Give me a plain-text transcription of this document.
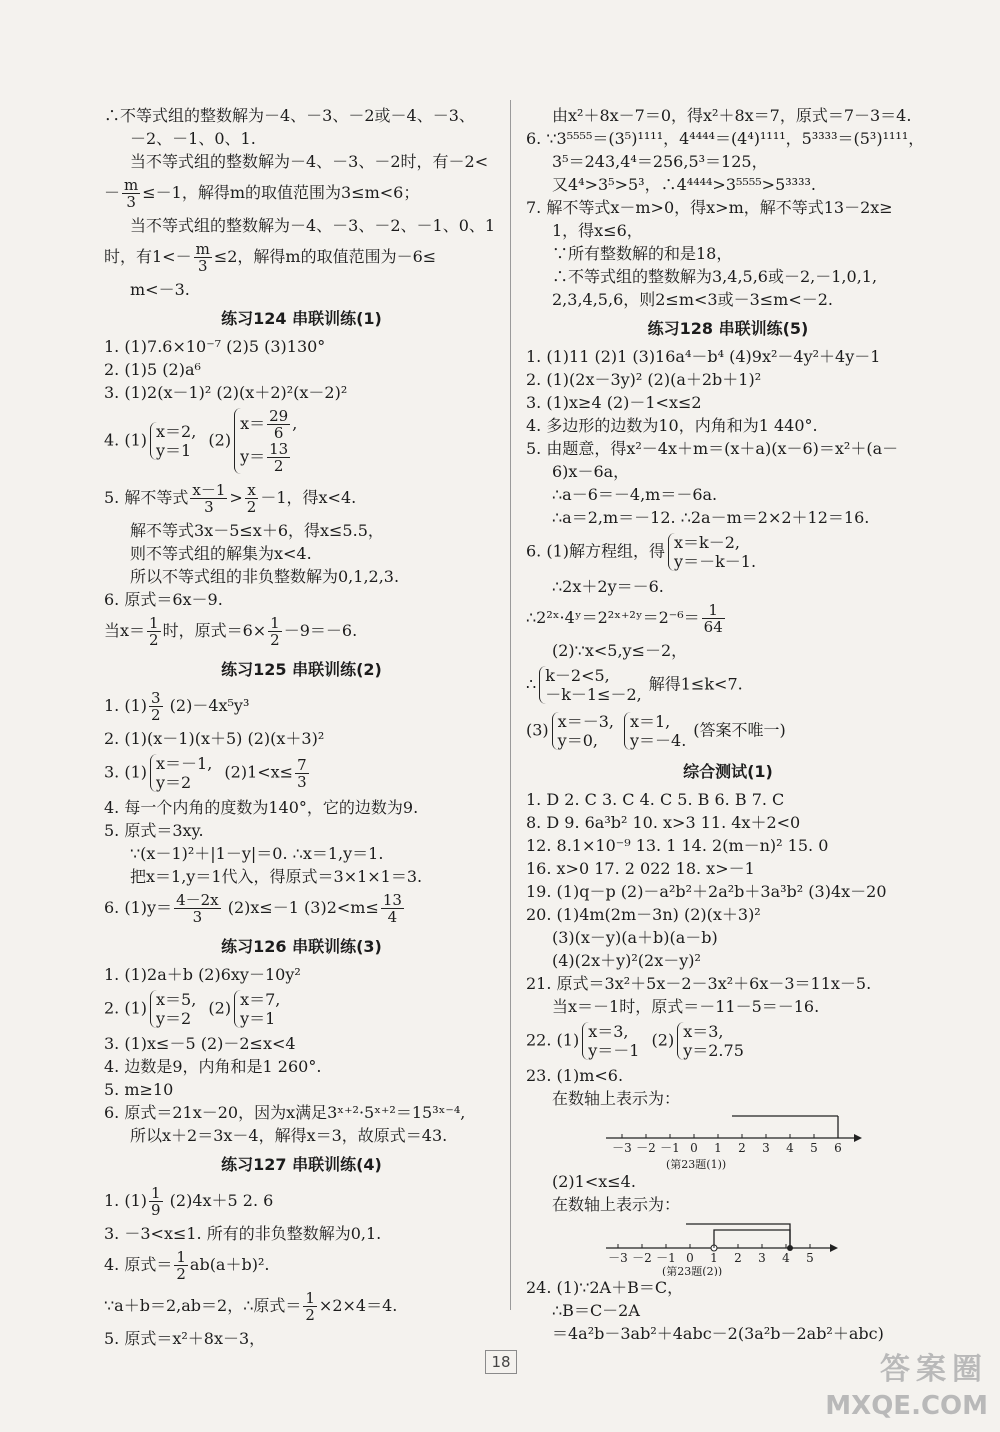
∴不等式组的整数解为－4、－3、－2或－4、－3、

－2、－1、0、1.

当不等式组的整数解为－4、－3、－2时，有－2<

－ $\frac{m}{3} \le-1$，解得m的取值范围为3≤m<6；

当不等式组的整数解为－4、－3、－2、－1、0、1

时，有$1<- \frac{m}{3} \le 2$，解得m的取值范围为－6≤

m<－3.

练习124 串联训练(1)

1. (1)7.6×10⁻⁷ (2)5 (3)130°

2. (1)5 (2)a⁶

3. (1)2(x－1)² (2)(x＋2)²(x－2)²

4. (1) x＝2,
y＝1
(2)
$x= \frac{29}{6}$ ,
$y= \frac{13}{2}$

5. 解不等式 $\frac{x-1}{3} > \frac{x}{2} -1$，得x<4.

解不等式3x－5≤x＋6，得x≤5.5，

则不等式组的解集为x<4.

所以不等式组的非负整数解为0,1,2,3.

6. 原式＝6x－9.

当$x= \frac{1}{2}$ 时，原式$=6\times \frac{1}{2} -9=-6$.

练习125 串联训练(2)

1. $(1) \frac{3}{2} (2)-4x^5y^3$

2. (1)(x－1)(x＋5) (2)(x＋3)²

3. (1) x＝－1,
y＝2
$(2)1<x\le \frac{7}{3}$

4. 每一个内角的度数为140°，它的边数为9.

5. 原式＝3xy.

∵(x－1)²＋|1－y|＝0. ∴x＝1,y＝1.

把x＝1,y＝1代入，得原式＝3×1×1＝3.

6. $(1)y= \frac{4-2x}{3} (2)x\le-1$ $(3)2<m\le \frac{13}{4}$

练习126 串联训练(3)

1. (1)2a＋b (2)6xy－10y²

2. (1) x＝5,
y＝2
(2) x＝7,
y＝1

3. (1)x≤－5 (2)－2≤x<4

4. 边数是9，内角和是1 260°.

5. m≥10

6. 原式＝21x－20，因为x满足3ˣ⁺²·5ˣ⁺²＝15³ˣ⁻⁴,

所以x＋2＝3x－4，解得x＝3，故原式＝43.

练习127 串联训练(4)

1. $(1) \frac{1}{9} (2)4x+5$ 2. 6

3. －3<x≤1. 所有的非负整数解为0,1.

4. 原式＝ $\frac{1}{2} ab(a+b)^2$.

∵a＋b＝2,ab＝2，∴原式＝ $\frac{1}{2} \times 2\times 4=4$.

5. 原式＝x²＋8x－3，

由x²＋8x－7＝0，得x²＋8x＝7，原式＝7－3＝4.

6. ∵3⁵⁵⁵⁵＝(3⁵)¹¹¹¹，4⁴⁴⁴⁴＝(4⁴)¹¹¹¹，5³³³³＝(5³)¹¹¹¹，

3⁵＝243,4⁴＝256,5³＝125，

又4⁴>3⁵>5³，∴4⁴⁴⁴⁴>3⁵⁵⁵⁵>5³³³³.

7. 解不等式x－m>0，得x>m，解不等式13－2x≥

1，得x≤6，

∵所有整数解的和是18，

∴不等式组的整数解为3,4,5,6或－2,－1,0,1,

2,3,4,5,6，则2≤m<3或－3≤m<－2.

练习128 串联训练(5)

1. (1)11 (2)1 (3)16a⁴－b⁴ (4)9x²－4y²＋4y－1

2. (1)(2x－3y)² (2)(a＋2b＋1)²

3. (1)x≥4 (2)－1<x≤2

4. 多边形的边数为10，内角和为1 440°.

5. 由题意，得x²－4x＋m＝(x＋a)(x－6)＝x²＋(a－

6)x－6a，

∴a－6＝－4,m＝－6a.

∴a＝2,m＝－12. ∴2a－m＝2×2＋12＝16.

6. (1)解方程组，得 x＝k－2,
y＝－k－1.

∴2x＋2y＝－6.

∴2²ˣ·4ʸ＝2²ˣ⁺²ʸ＝2⁻⁶＝ $\frac{1}{64}$

(2)∵x<5,y≤－2，

∴ k－2<5,
－k－1≤－2,
解得1≤k<7.

(3) x＝－3,
y＝0,
x＝1,
y＝－4.
(答案不唯一)

综合测试(1)

1. D 2. C 3. C 4. C 5. B 6. B 7. C

8. D 9. 6a³b² 10. x>3 11. 4x＋2<0

12. 8.1×10⁻⁹ 13. 1 14. 2(m－n)² 15. 0

16. x>0 17. 2 022 18. x>－1

19. (1)q－p (2)－a²b²＋2a²b＋3a³b² (3)4x－20

20. (1)4m(2m－3n) (2)(x＋3)²

(3)(x－y)(a＋b)(a－b)

(4)(2x＋y)²(2x－y)²

21. 原式＝3x²＋5x－2－3x²＋6x－3＝11x－5.

当x＝－1时，原式＝－11－5＝－16.

22. (1) x＝3,
y＝－1
(2) x＝3,
y＝2.75

23. (1)m<6.

在数轴上表示为：

－3 －2 －1 0 1 2 3 4 5 6
(第23题(1))

(2)1<x≤4.

在数轴上表示为：

－3 －2 －1 0 1 2 3 4 5
(第23题(2))

24. (1)∵2A＋B＝C，

∴B＝C－2A

＝4a²b－3ab²＋4abc－2(3a²b－2ab²＋abc)

18	答案圈
MXQE.COM
